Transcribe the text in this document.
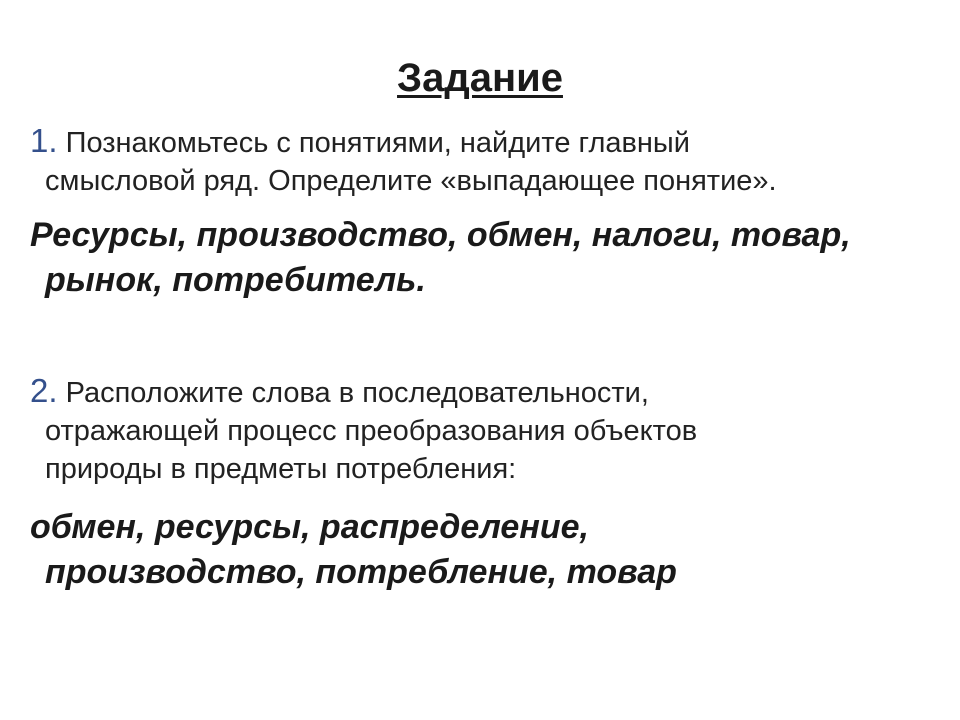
Задание
1. Познакомьтесь с понятиями, найдите главный
смысловой ряд. Определите «выпадающее понятие».
Ресурсы, производство, обмен, налоги, товар,
рынок, потребитель.
2. Расположите слова в последовательности,
отражающей процесс преобразования объектов
природы в предметы потребления:
обмен, ресурсы, распределение,
производство, потребление, товар
